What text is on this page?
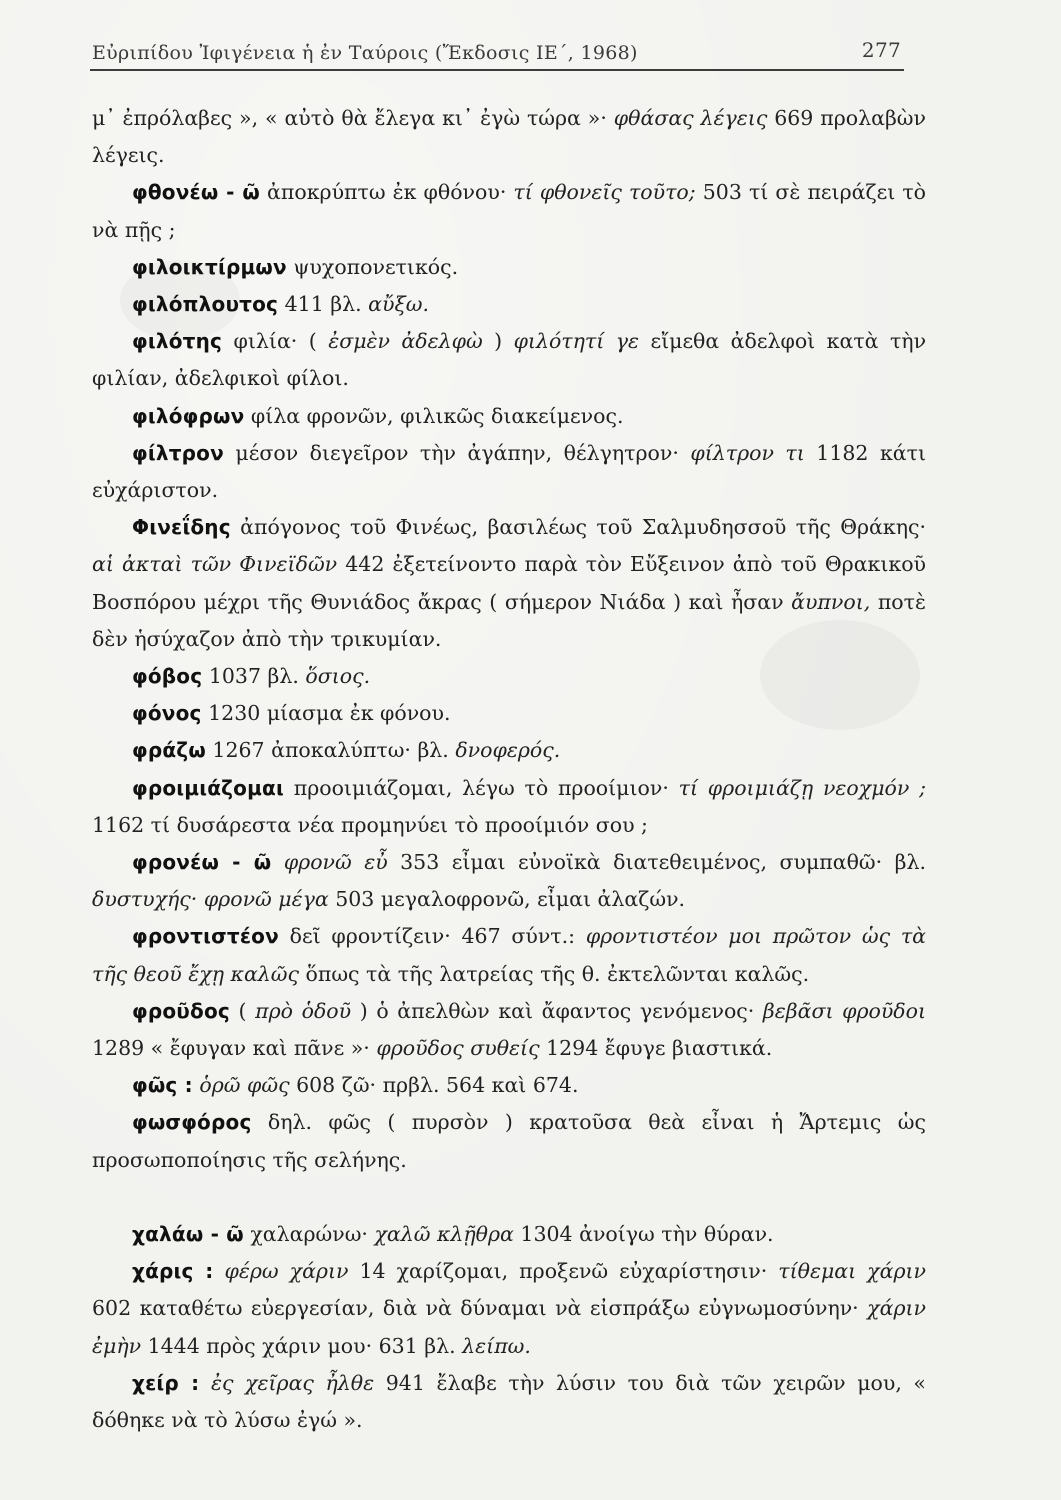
Εὐριπίδου Ἰφιγένεια ἡ ἐν Ταύροις (Ἔκδοσις ΙΕ΄, 1968)	277

μ᾽ ἐπρόλαβες », « αὐτὸ θὰ ἔλεγα κι᾽ ἐγὼ τώρα »· φθάσας λέγεις 669 προλαβὼν λέγεις.

φθονέω - ῶ ἀποκρύπτω ἐκ φθόνου· τί φθονεῖς τοῦτο; 503 τί σὲ πειράζει τὸ νὰ πῇς ;

φιλοικτίρμων ψυχοπονετικός.

φιλόπλουτος 411 βλ. αὔξω.

φιλότης φιλία· ( ἐσμὲν ἀδελφὼ ) φιλότητί γε εἴμεθα ἀδελφοὶ κατὰ τὴν φιλίαν, ἀδελφικοὶ φίλοι.

φιλόφρων φίλα φρονῶν, φιλικῶς διακείμενος.

φίλτρον μέσον διεγεῖρον τὴν ἀγάπην, θέλγητρον· φίλτρον τι 1182 κάτι εὐχάριστον.

Φινεΐδης ἀπόγονος τοῦ Φινέως, βασιλέως τοῦ Σαλμυδησσοῦ τῆς Θράκης· αἱ ἀκταὶ τῶν Φινεϊδῶν 442 ἐξετείνοντο παρὰ τὸν Εὔξεινον ἀπὸ τοῦ Θρακικοῦ Βοσπόρου μέχρι τῆς Θυνιάδος ἄκρας ( σήμερον Νιάδα ) καὶ ἦσαν ἄυπνοι, ποτὲ δὲν ἡσύχαζον ἀπὸ τὴν τρικυμίαν.

φόβος 1037 βλ. ὅσιος.

φόνος 1230 μίασμα ἐκ φόνου.

φράζω 1267 ἀποκαλύπτω· βλ. δνοφερός.

φροιμιάζομαι προοιμιάζομαι, λέγω τὸ προοίμιον· τί φροιμιάζῃ νεοχμόν ; 1162 τί δυσάρεστα νέα προμηνύει τὸ προοίμιόν σου ;

φρονέω - ῶ φρονῶ εὖ 353 εἶμαι εὐνοϊκὰ διατεθειμένος, συμπαθῶ· βλ. δυστυχής· φρονῶ μέγα 503 μεγαλοφρονῶ, εἶμαι ἀλαζών.

φροντιστέον δεῖ φροντίζειν· 467 σύντ.: φροντιστέον μοι πρῶτον ὡς τὰ τῆς θεοῦ ἔχῃ καλῶς ὅπως τὰ τῆς λατρείας τῆς θ. ἐκτελῶνται καλῶς.

φροῦδος ( πρὸ ὁδοῦ ) ὁ ἀπελθὼν καὶ ἄφαντος γενόμενος· βεβᾶσι φροῦδοι 1289 « ἔφυγαν καὶ πᾶνε »· φροῦδος συθείς 1294 ἔφυγε βιαστικά.

φῶς : ὁρῶ φῶς 608 ζῶ· πρβλ. 564 καὶ 674.

φωσφόρος δηλ. φῶς ( πυρσὸν ) κρατοῦσα θεὰ εἶναι ἡ Ἄρτεμις ὡς προσωποποίησις τῆς σελήνης.

χαλάω - ῶ χαλαρώνω· χαλῶ κλῇθρα 1304 ἀνοίγω τὴν θύραν.

χάρις : φέρω χάριν 14 χαρίζομαι, προξενῶ εὐχαρίστησιν· τίθεμαι χάριν 602 καταθέτω εὐεργεσίαν, διὰ νὰ δύναμαι νὰ εἰσπράξω εὐγνωμοσύνην· χάριν ἐμὴν 1444 πρὸς χάριν μου· 631 βλ. λείπω.

χείρ : ἐς χεῖρας ἦλθε 941 ἔλαβε τὴν λύσιν του διὰ τῶν χειρῶν μου, « δόθηκε νὰ τὸ λύσω ἐγώ ».
